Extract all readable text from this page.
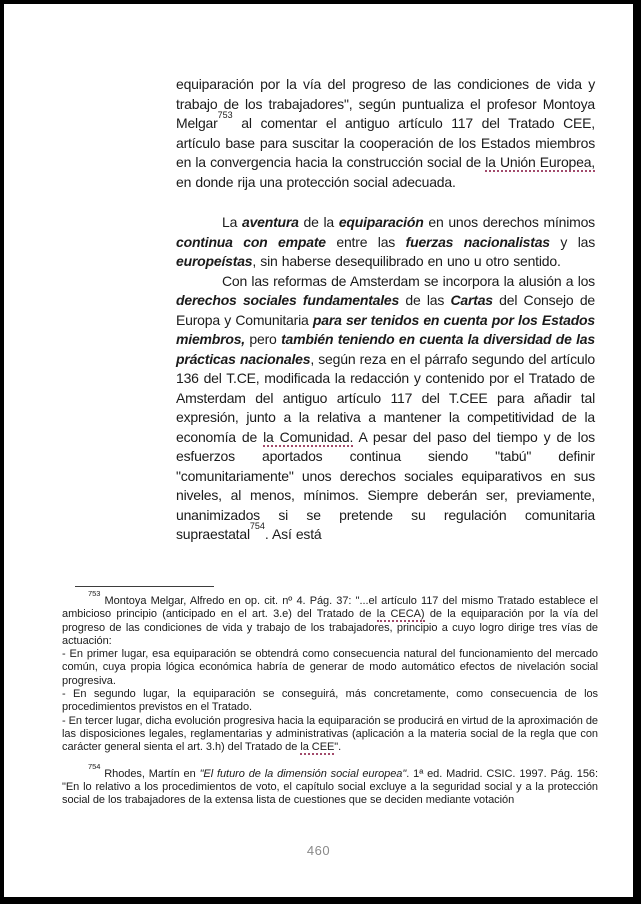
equiparación por la vía del progreso de las condiciones de vida y trabajo de los trabajadores", según puntualiza el profesor Montoya Melgar$^{753}$ al comentar el antiguo artículo 117 del Tratado CEE, artículo base para suscitar la cooperación de los Estados miembros en la convergencia hacia la construcción social de la Unión Europea, en donde rija una protección social adecuada.

La aventura de la equiparación en unos derechos mínimos continua con empate entre las fuerzas nacionalistas y las europeístas, sin haberse desequilibrado en uno u otro sentido.

Con las reformas de Amsterdam se incorpora la alusión a los derechos sociales fundamentales de las Cartas del Consejo de Europa y Comunitaria para ser tenidos en cuenta por los Estados miembros, pero también teniendo en cuenta la diversidad de las prácticas nacionales, según reza en el párrafo segundo del artículo 136 del T.CE, modificada la redacción y contenido por el Tratado de Amsterdam del antiguo artículo 117 del T.CEE para añadir tal expresión, junto a la relativa a mantener la competitividad de la economía de la Comunidad. A pesar del paso del tiempo y de los esfuerzos aportados continua siendo "tabú" definir "comunitariamente" unos derechos sociales equiparativos en sus niveles, al menos, mínimos. Siempre deberán ser, previamente, unanimizados si se pretende su regulación comunitaria supraestatal$^{754}$. Así está

$^{753}$ Montoya Melgar, Alfredo en op. cit. nº 4. Pág. 37: "...el artículo 117 del mismo Tratado establece el ambicioso principio (anticipado en el art. 3.e) del Tratado de la CECA) de la equiparación por la vía del progreso de las condiciones de vida y trabajo de los trabajadores, principio a cuyo logro dirige tres vías de actuación:

- En primer lugar, esa equiparación se obtendrá como consecuencia natural del funcionamiento del mercado común, cuya propia lógica económica habría de generar de modo automático efectos de nivelación social progresiva.

- En segundo lugar, la equiparación se conseguirá, más concretamente, como consecuencia de los procedimientos previstos en el Tratado.

- En tercer lugar, dicha evolución progresiva hacia la equiparación se producirá en virtud de la aproximación de las disposiciones legales, reglamentarias y administrativas (aplicación a la materia social de la regla que con carácter general sienta el art. 3.h) del Tratado de la CEE".

$^{754}$ Rhodes, Martín en "El futuro de la dimensión social europea". 1ª ed. Madrid. CSIC. 1997. Pág. 156: "En lo relativo a los procedimientos de voto, el capítulo social excluye a la seguridad social y a la protección social de los trabajadores de la extensa lista de cuestiones que se deciden mediante votación

460
